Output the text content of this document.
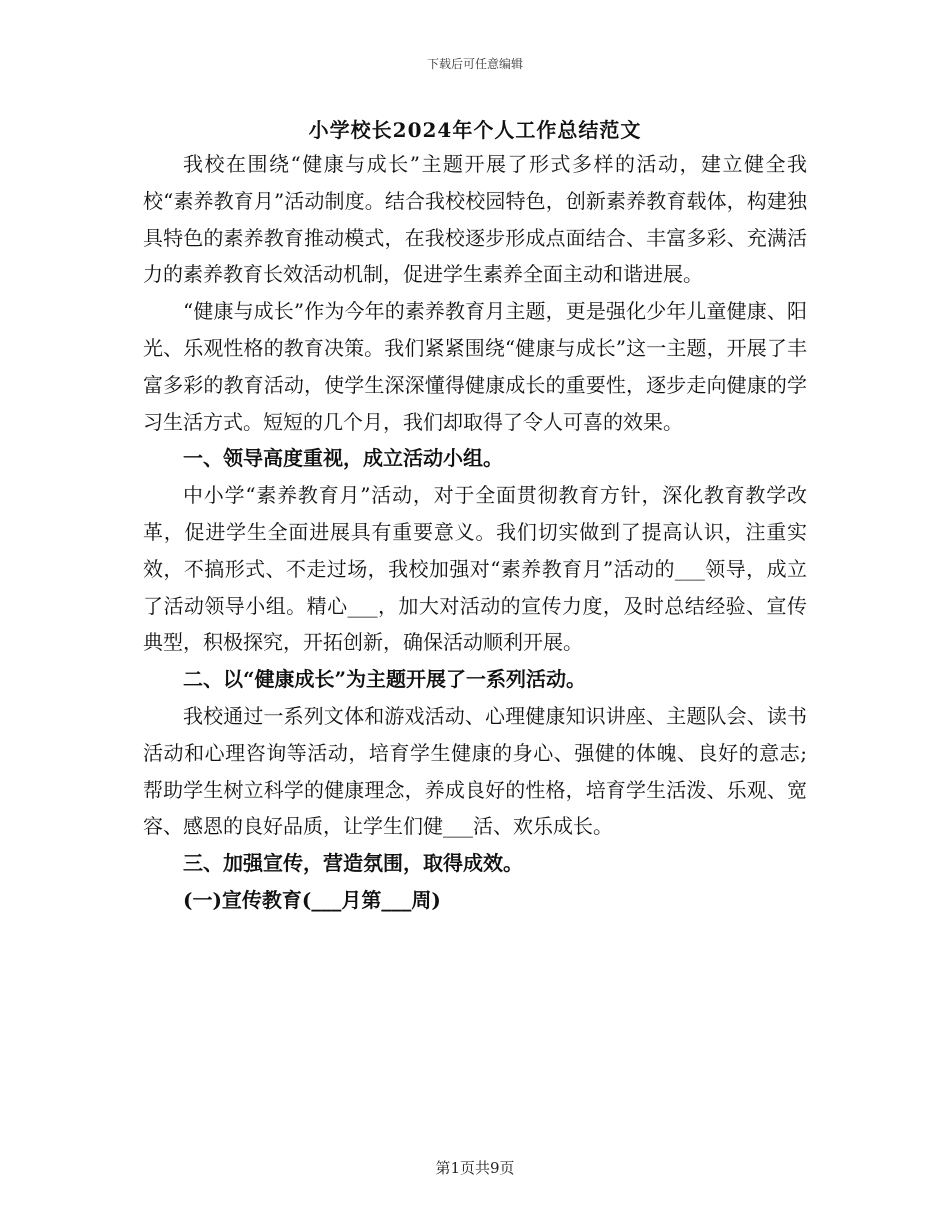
下载后可任意编辑
小学校长2024年个人工作总结范文

我校在围绕“健康与成长”主题开展了形式多样的活动，建立健全我校“素养教育月”活动制度。结合我校校园特色，创新素养教育载体，构建独具特色的素养教育推动模式，在我校逐步形成点面结合、丰富多彩、充满活力的素养教育长效活动机制，促进学生素养全面主动和谐进展。

“健康与成长”作为今年的素养教育月主题，更是强化少年儿童健康、阳光、乐观性格的教育决策。我们紧紧围绕“健康与成长”这一主题，开展了丰富多彩的教育活动，使学生深深懂得健康成长的重要性，逐步走向健康的学习生活方式。短短的几个月，我们却取得了令人可喜的效果。

一、领导高度重视，成立活动小组。

中小学“素养教育月”活动，对于全面贯彻教育方针，深化教育教学改革，促进学生全面进展具有重要意义。我们切实做到了提高认识，注重实效，不搞形式、不走过场，我校加强对“素养教育月”活动的___领导，成立了活动领导小组。精心___，加大对活动的宣传力度，及时总结经验、宣传典型，积极探究，开拓创新，确保活动顺利开展。

二、以“健康成长”为主题开展了一系列活动。

我校通过一系列文体和游戏活动、心理健康知识讲座、主题队会、读书活动和心理咨询等活动，培育学生健康的身心、强健的体魄、良好的意志;帮助学生树立科学的健康理念，养成良好的性格，培育学生活泼、乐观、宽容、感恩的良好品质，让学生们健___活、欢乐成长。

三、加强宣传，营造氛围，取得成效。

(一)宣传教育(___月第___周)

第1页共9页
